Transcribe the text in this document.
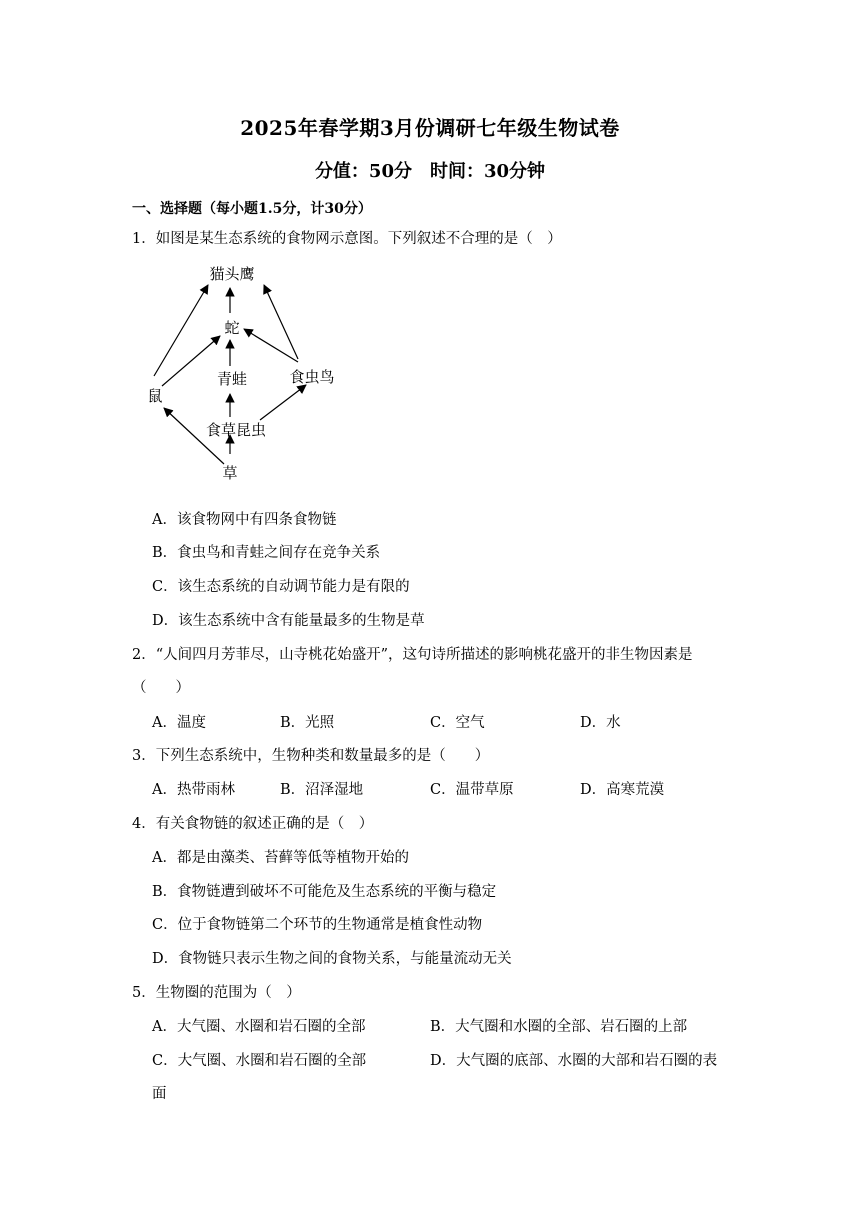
2025年春学期3月份调研七年级生物试卷
分值：50分　时间：30分钟
一、选择题（每小题1.5分，计30分）
1．如图是某生态系统的食物网示意图。下列叙述不合理的是（　）
猫头鹰
蛇
青蛙	食虫鸟
鼠
食草昆虫
草
A．该食物网中有四条食物链
B．食虫鸟和青蛙之间存在竞争关系
C．该生态系统的自动调节能力是有限的
D．该生态系统中含有能量最多的生物是草
2．“人间四月芳菲尽，山寺桃花始盛开”，这句诗所描述的影响桃花盛开的非生物因素是
（　　）
A．温度	B．光照	C．空气	D．水
3．下列生态系统中，生物种类和数量最多的是（　　）
A．热带雨林	B．沼泽湿地	C．温带草原	D．高寒荒漠
4．有关食物链的叙述正确的是（　）
A．都是由藻类、苔藓等低等植物开始的
B．食物链遭到破坏不可能危及生态系统的平衡与稳定
C．位于食物链第二个环节的生物通常是植食性动物
D．食物链只表示生物之间的食物关系，与能量流动无关
5．生物圈的范围为（　）
A．大气圈、水圈和岩石圈的全部	B．大气圈和水圈的全部、岩石圈的上部
C．大气圈、水圈和岩石圈的全部	D．大气圈的底部、水圈的大部和岩石圈的表
面
